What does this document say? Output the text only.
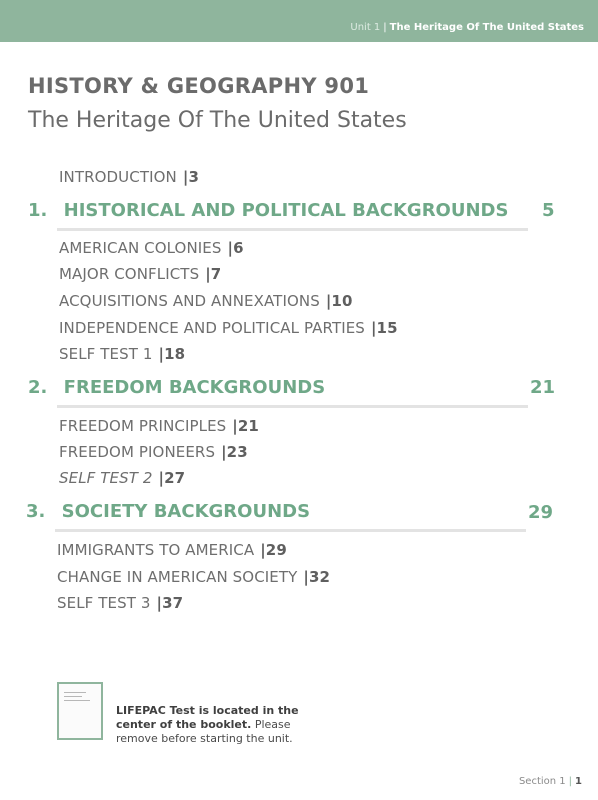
Unit 1 | The Heritage Of The United States
HISTORY & GEOGRAPHY 901
The Heritage Of The United States
INTRODUCTION |3
1. HISTORICAL AND POLITICAL BACKGROUNDS 5
AMERICAN COLONIES |6
MAJOR CONFLICTS |7
ACQUISITIONS AND ANNEXATIONS |10
INDEPENDENCE AND POLITICAL PARTIES |15
SELF TEST 1 |18
2. FREEDOM BACKGROUNDS	21
FREEDOM PRINCIPLES |21
FREEDOM PIONEERS |23
SELF TEST 2 |27
3. SOCIETY BACKGROUNDS	29
IMMIGRANTS TO AMERICA |29
CHANGE IN AMERICAN SOCIETY |32
SELF TEST 3 |37
LIFEPAC Test is located in the center of the booklet. Please remove before starting the unit.
Section 1 | 1
